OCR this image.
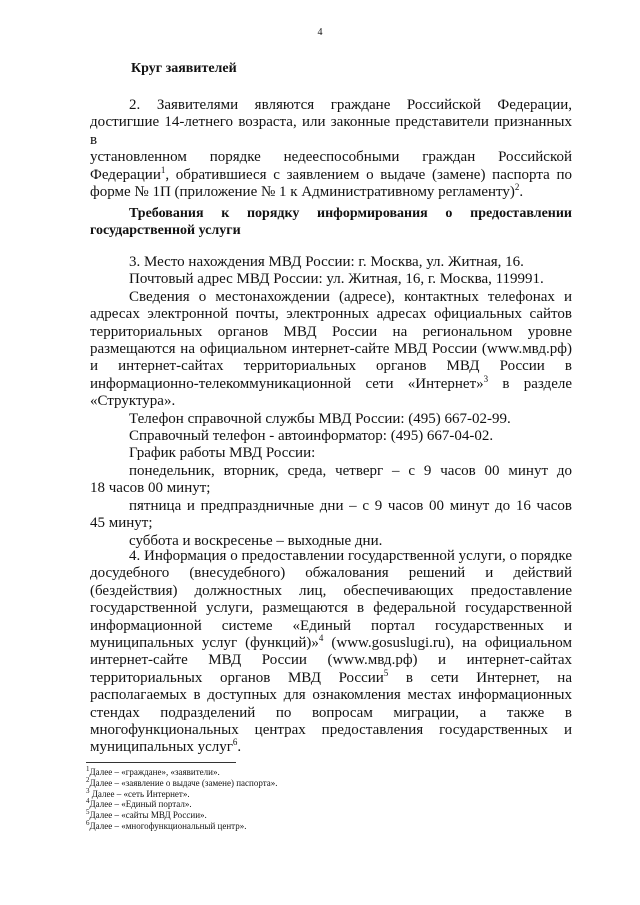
4
Круг заявителей
2. Заявителями являются граждане Российской Федерации,
достигшие 14-летнего возраста, или законные представители признанных в
установленном порядке недееспособными граждан Российской
Федерации$^1$, обратившиеся с заявлением о выдаче (замене) паспорта по
форме № 1П (приложение № 1 к Административному регламенту)$^2$.
Требования к порядку информирования о предоставлении
государственной услуги
3. Место нахождения МВД России: г. Москва, ул. Житная, 16.
Почтовый адрес МВД России: ул. Житная, 16, г. Москва, 119991.
Сведения о местонахождении (адресе), контактных телефонах и
адресах электронной почты, электронных адресах официальных сайтов
территориальных органов МВД России на региональном уровне
размещаются на официальном интернет-сайте МВД России (www.мвд.рф)
и интернет-сайтах территориальных органов МВД России в
информационно-телекоммуникационной сети «Интернет»$^3$ в разделе
«Структура».
Телефон справочной службы МВД России: (495) 667-02-99.
Справочный телефон - автоинформатор: (495) 667-04-02.
График работы МВД России:
понедельник, вторник, среда, четверг – с 9 часов 00 минут до
18 часов 00 минут;
пятница и предпраздничные дни – с 9 часов 00 минут до 16 часов
45 минут;
суббота и воскресенье – выходные дни.
4. Информация о предоставлении государственной услуги, о порядке
досудебного (внесудебного) обжалования решений и действий
(бездействия) должностных лиц, обеспечивающих предоставление
государственной услуги, размещаются в федеральной государственной
информационной системе «Единый портал государственных и
муниципальных услуг (функций)»$^4$ (www.gosuslugi.ru), на официальном
интернет-сайте МВД России (www.мвд.рф) и интернет-сайтах
территориальных органов МВД России$^5$ в сети Интернет, на
располагаемых в доступных для ознакомления местах информационных
стендах подразделений по вопросам миграции, а также в
многофункциональных центрах предоставления государственных и
муниципальных услуг$^6$.
$^1$Далее – «граждане», «заявители».
$^2$Далее – «заявление о выдаче (замене) паспорта».
$^3$ Далее – «сеть Интернет».
$^4$Далее – «Единый портал».
$^5$Далее – «сайты МВД России».
$^6$Далее – «многофункциональный центр».
